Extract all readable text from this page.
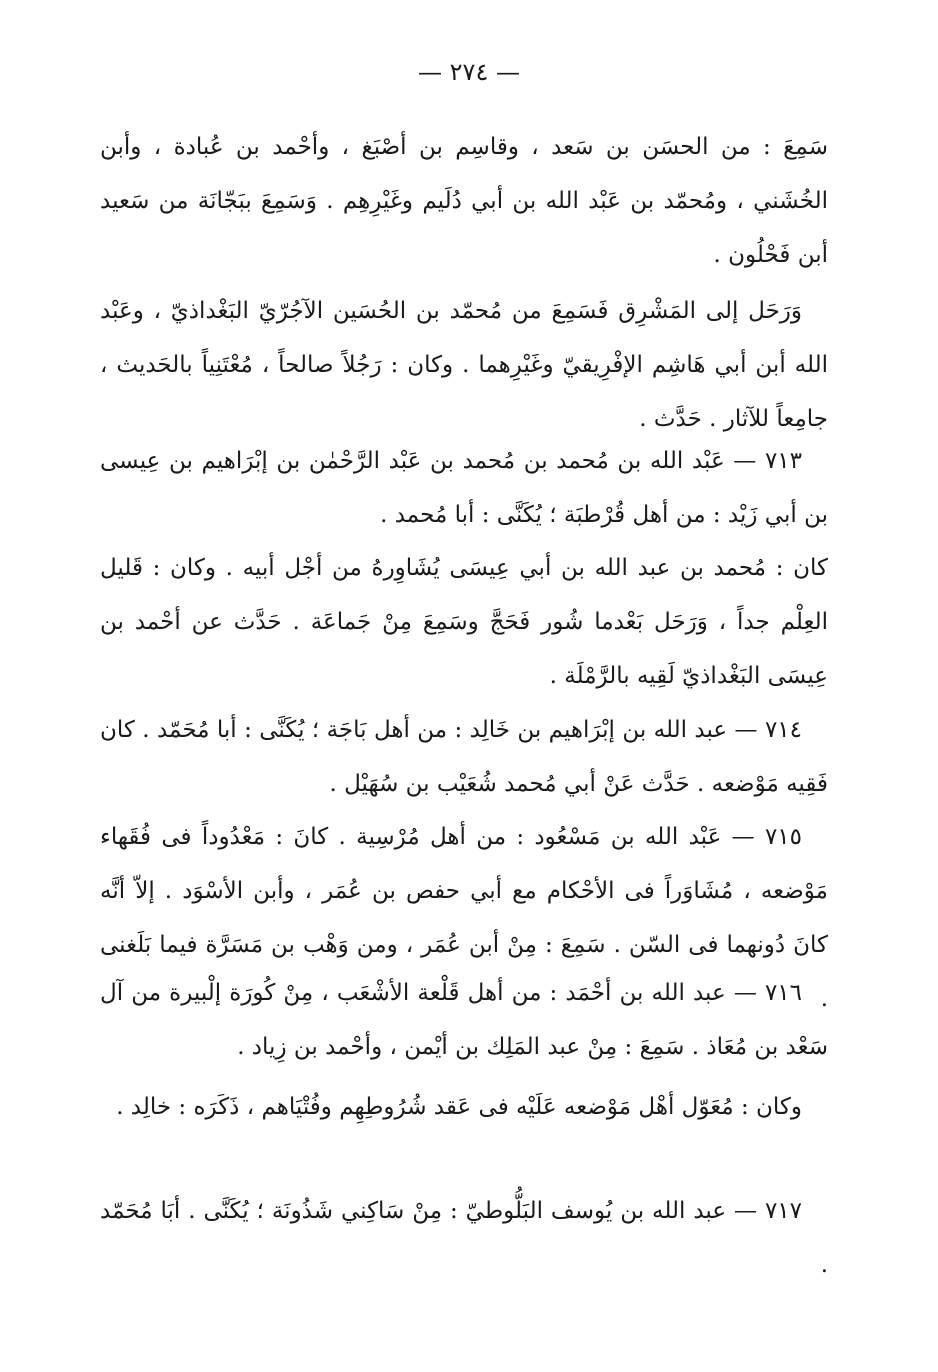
— ٢٧٤ —

سَمِعَ : من الحسَن بن سَعد ، وقاسِم بن أصْبَغ ، وأحْمد بن عُبادة ، وأبن الخُشَني ، ومُحمّد بن عَبْد الله بن أبي دُلَيم وغَيْرِهِم . وَسَمِعَ ببَجّانَة من سَعيد أبن فَحْلُون .

وَرَحَل إلى المَشْرِق فَسَمِعَ من مُحمّد بن الحُسَين الآجُرّيّ البَغْداذيّ ، وعَبْد الله أبن أبي هَاشِم الإفْرِيقيّ وغَيْرِهما . وكان : رَجُلاً صالحاً ، مُعْتَنِياً بالحَديث ، جامِعاً للآثار . حَدَّث .

٧١٣ — عَبْد الله بن مُحمد بن مُحمد بن عَبْد الرَّحْمٰن بن إبْرَاهيم بن عِيسى بن أبي زَيْد : من أهل قُرْطبَة ؛ يُكَنَّى : أبا مُحمد .

كان : مُحمد بن عبد الله بن أبي عِيسَى يُشَاوِرهُ من أجْل أبيه . وكان : قَليل العِلْم جداً ، وَرَحَل بَعْدما شُور فَحَجَّ وسَمِعَ مِنْ جَماعَة . حَدَّث عن أحْمد بن عِيسَى البَغْداذيّ لَقِيه بالرَّمْلَة .

٧١٤ — عبد الله بن إبْرَاهيم بن خَالِد : من أهل بَاجَة ؛ يُكَنَّى : أبا مُحَمّد . كان فَقِيه مَوْضعه . حَدَّث عَنْ أبي مُحمد شُعَيْب بن سُهَيْل .

٧١٥ — عَبْد الله بن مَسْعُود : من أهل مُرْسِية . كانَ : مَعْدُوداً فى فُقَهاء مَوْضعه ، مُشَاوَراً فى الأحْكام مع أبي حفص بن عُمَر ، وأبن الأسْوَد . إلاّ أنَّه كانَ دُونهما فى السّن . سَمِعَ : مِنْ أبن عُمَر ، ومن وَهْب بن مَسَرَّة فيما بَلَغنى .

٧١٦ — عبد الله بن أحْمَد : من أهل قَلْعة الأشْعَب ، مِنْ كُورَة إلْبيرة من آل سَعْد بن مُعَاذ . سَمِعَ : مِنْ عبد المَلِك بن أيْمن ، وأحْمد بن زِياد .

وكان : مُعَوّل أهْل مَوْضعه عَلَيْه فى عَقد شُرُوطِهِم وفُتْيَاهم ، ذَكَرَه : خالِد .

٧١٧ — عبد الله بن يُوسف البَلُّوطيّ : مِنْ سَاكِني شَذُونَة ؛ يُكَنَّى . أبَا مُحَمّد .
